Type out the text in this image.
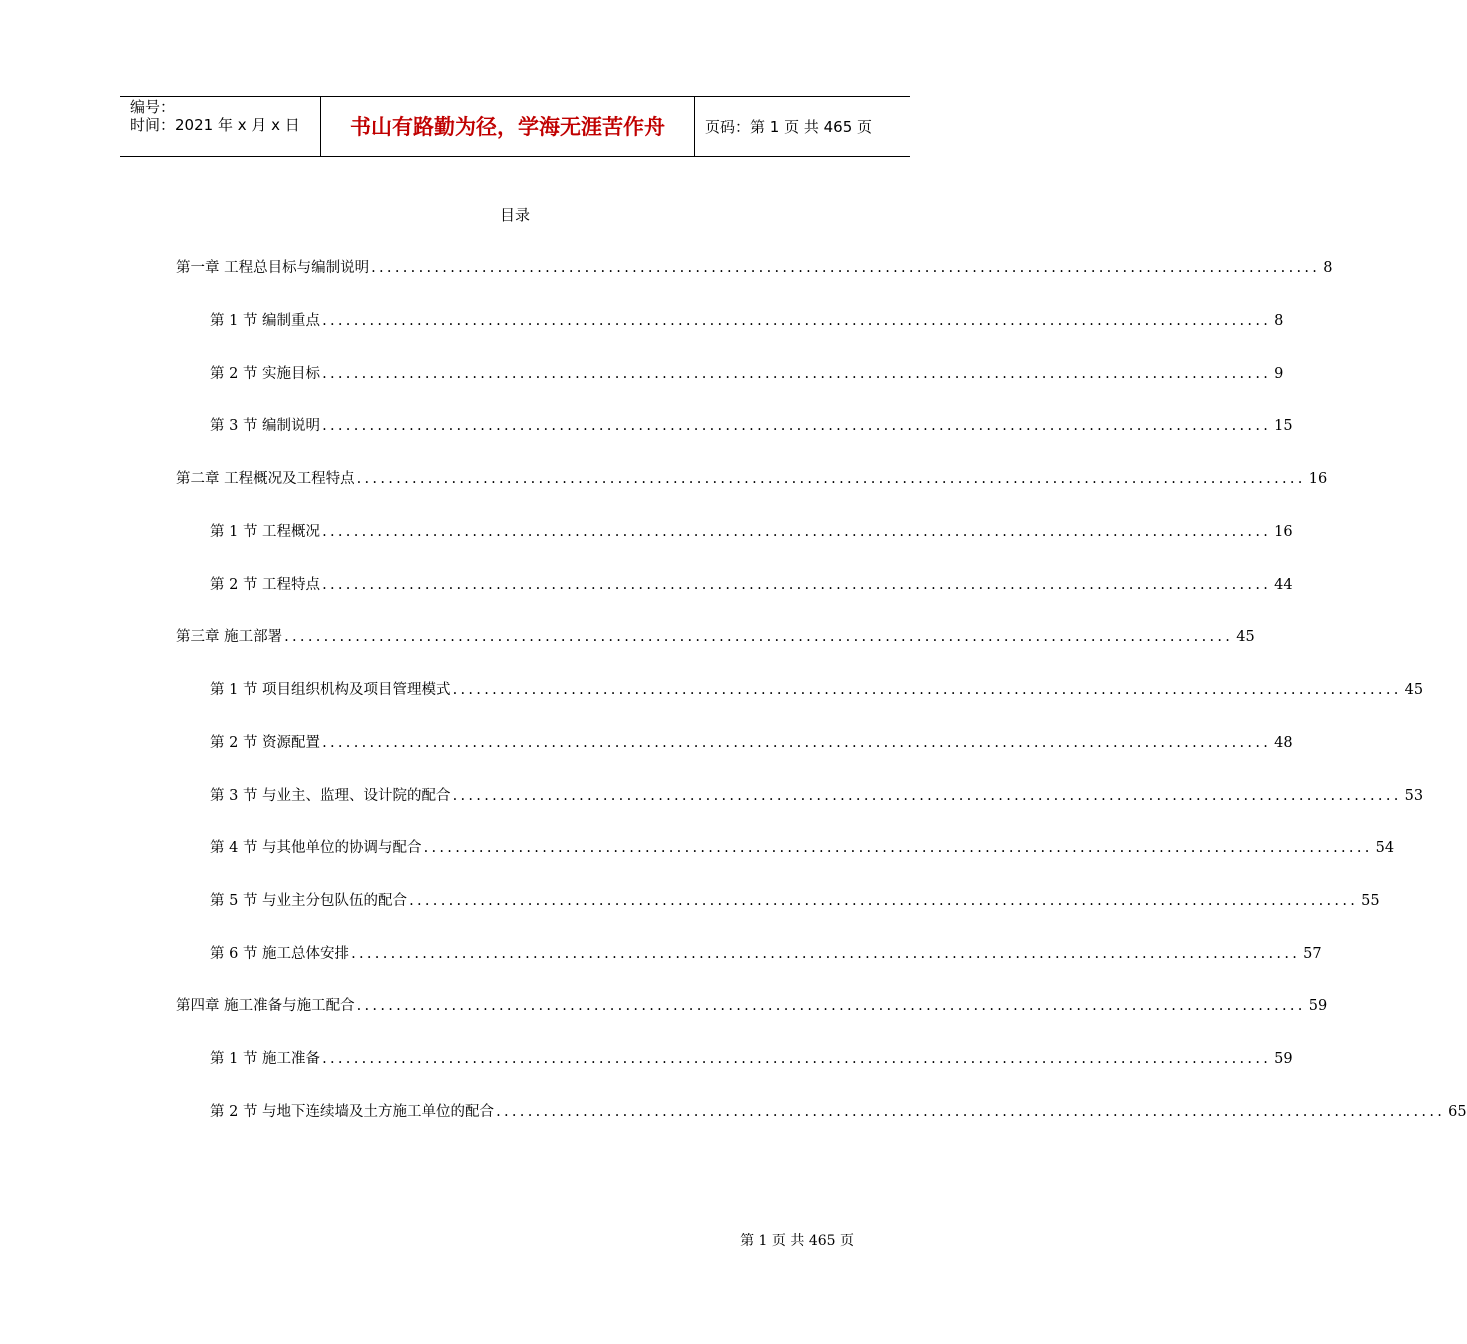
编号：
时间：2021 年 x 月 x 日	书山有路勤为径，学海无涯苦作舟	页码：第 1 页 共 465 页
目录
第一章 工程总目标与编制说明 ........................................................................................................................ 8
第 1 节 编制重点 ........................................................................................................................ 8
第 2 节 实施目标 ........................................................................................................................ 9
第 3 节 编制说明 ........................................................................................................................ 15
第二章 工程概况及工程特点 ........................................................................................................................ 16
第 1 节 工程概况 ........................................................................................................................ 16
第 2 节 工程特点 ........................................................................................................................ 44
第三章 施工部署 ........................................................................................................................ 45
第 1 节 项目组织机构及项目管理模式 ........................................................................................................................ 45
第 2 节 资源配置 ........................................................................................................................ 48
第 3 节 与业主、监理、设计院的配合 ........................................................................................................................ 53
第 4 节 与其他单位的协调与配合 ........................................................................................................................ 54
第 5 节 与业主分包队伍的配合 ........................................................................................................................ 55
第 6 节 施工总体安排 ........................................................................................................................ 57
第四章 施工准备与施工配合 ........................................................................................................................ 59
第 1 节 施工准备 ........................................................................................................................ 59
第 2 节 与地下连续墙及土方施工单位的配合 ........................................................................................................................ 65
第 1 页 共 465 页
